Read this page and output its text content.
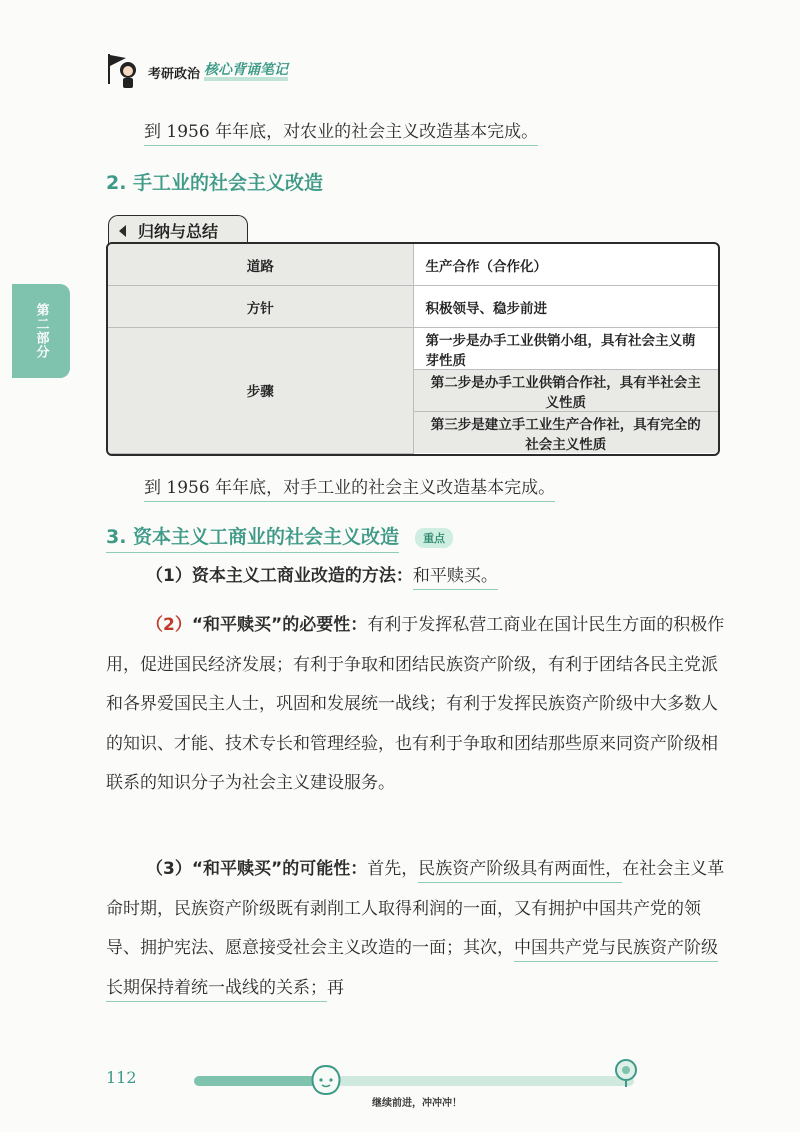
考研政治 核心背诵笔记
第二部分
到 1956 年年底，对农业的社会主义改造基本完成。
2. 手工业的社会主义改造
归纳与总结
道路	生产合作（合作化）
方针	积极领导、稳步前进
步骤	第一步是办手工业供销小组，具有社会主义萌芽性质
	第二步是办手工业供销合作社，具有半社会主义性质
	第三步是建立手工业生产合作社，具有完全的社会主义性质
到 1956 年年底，对手工业的社会主义改造基本完成。
3. 资本主义工商业的社会主义改造	重点
（1）资本主义工商业改造的方法：和平赎买。
（2）“和平赎买”的必要性：有利于发挥私营工商业在国计民生方面的积极作用，促进国民经济发展；有利于争取和团结民族资产阶级，有利于团结各民主党派和各界爱国民主人士，巩固和发展统一战线；有利于发挥民族资产阶级中大多数人的知识、才能、技术专长和管理经验，也有利于争取和团结那些原来同资产阶级相联系的知识分子为社会主义建设服务。
（3）“和平赎买”的可能性：首先，民族资产阶级具有两面性，在社会主义革命时期，民族资产阶级既有剥削工人取得利润的一面，又有拥护中国共产党的领导、拥护宪法、愿意接受社会主义改造的一面；其次，中国共产党与民族资产阶级长期保持着统一战线的关系；再
112
继续前进，冲冲冲！
